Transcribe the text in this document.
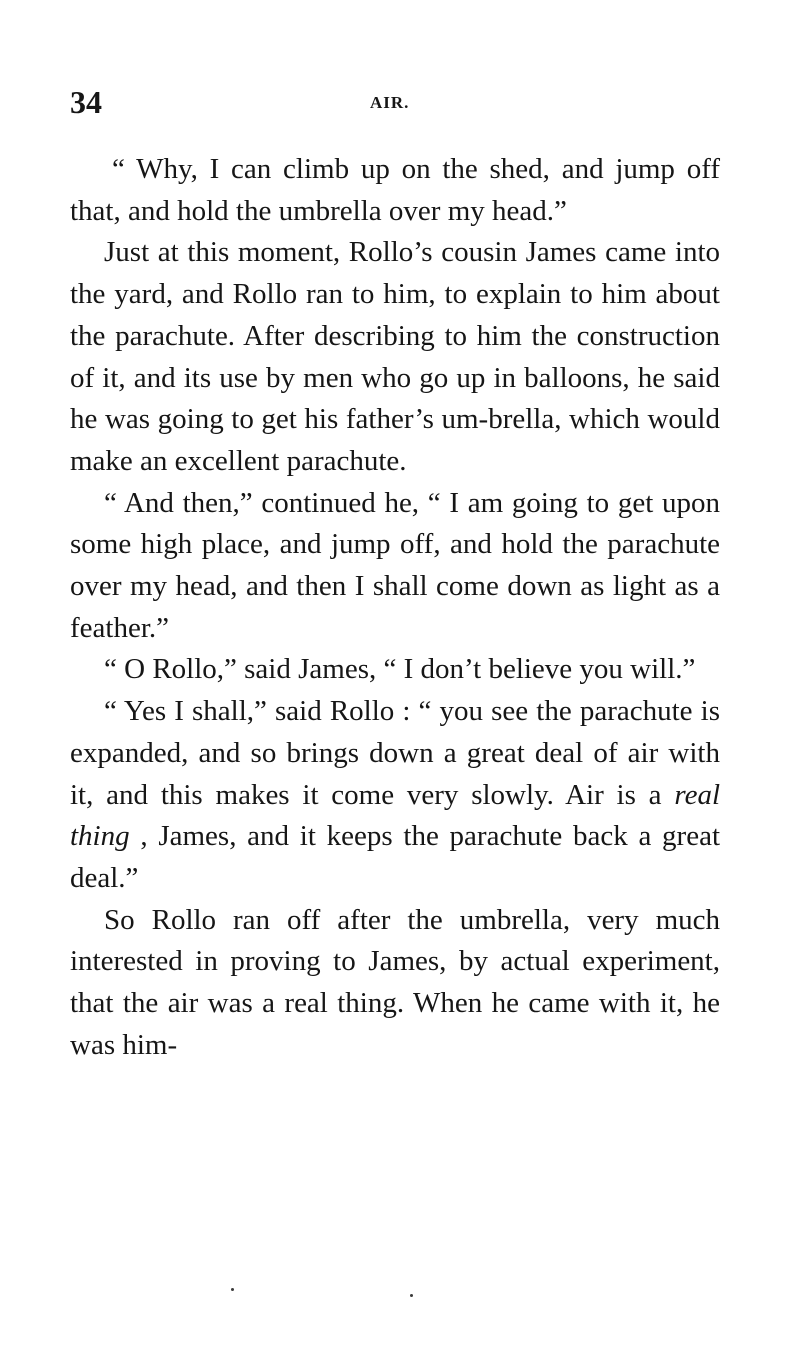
34	AIR.

“ Why, I can climb up on the shed, and jump off that, and hold the umbrella over my head.”

Just at this moment, Rollo’s cousin James came into the yard, and Rollo ran to him, to explain to him about the parachute. After describing to him the construction of it, and its use by men who go up in balloons, he said he was going to get his father’s um-brella, which would make an excellent parachute.

“ And then,” continued he, “ I am going to get upon some high place, and jump off, and hold the parachute over my head, and then I shall come down as light as a feather.”

“ O Rollo,” said James, “ I don’t believe you will.”

“ Yes I shall,” said Rollo : “ you see the parachute is expanded, and so brings down a great deal of air with it, and this makes it come very slowly. Air is a real thing , James, and it keeps the parachute back a great deal.”

So Rollo ran off after the umbrella, very much interested in proving to James, by actual experiment, that the air was a real thing. When he came with it, he was him-
